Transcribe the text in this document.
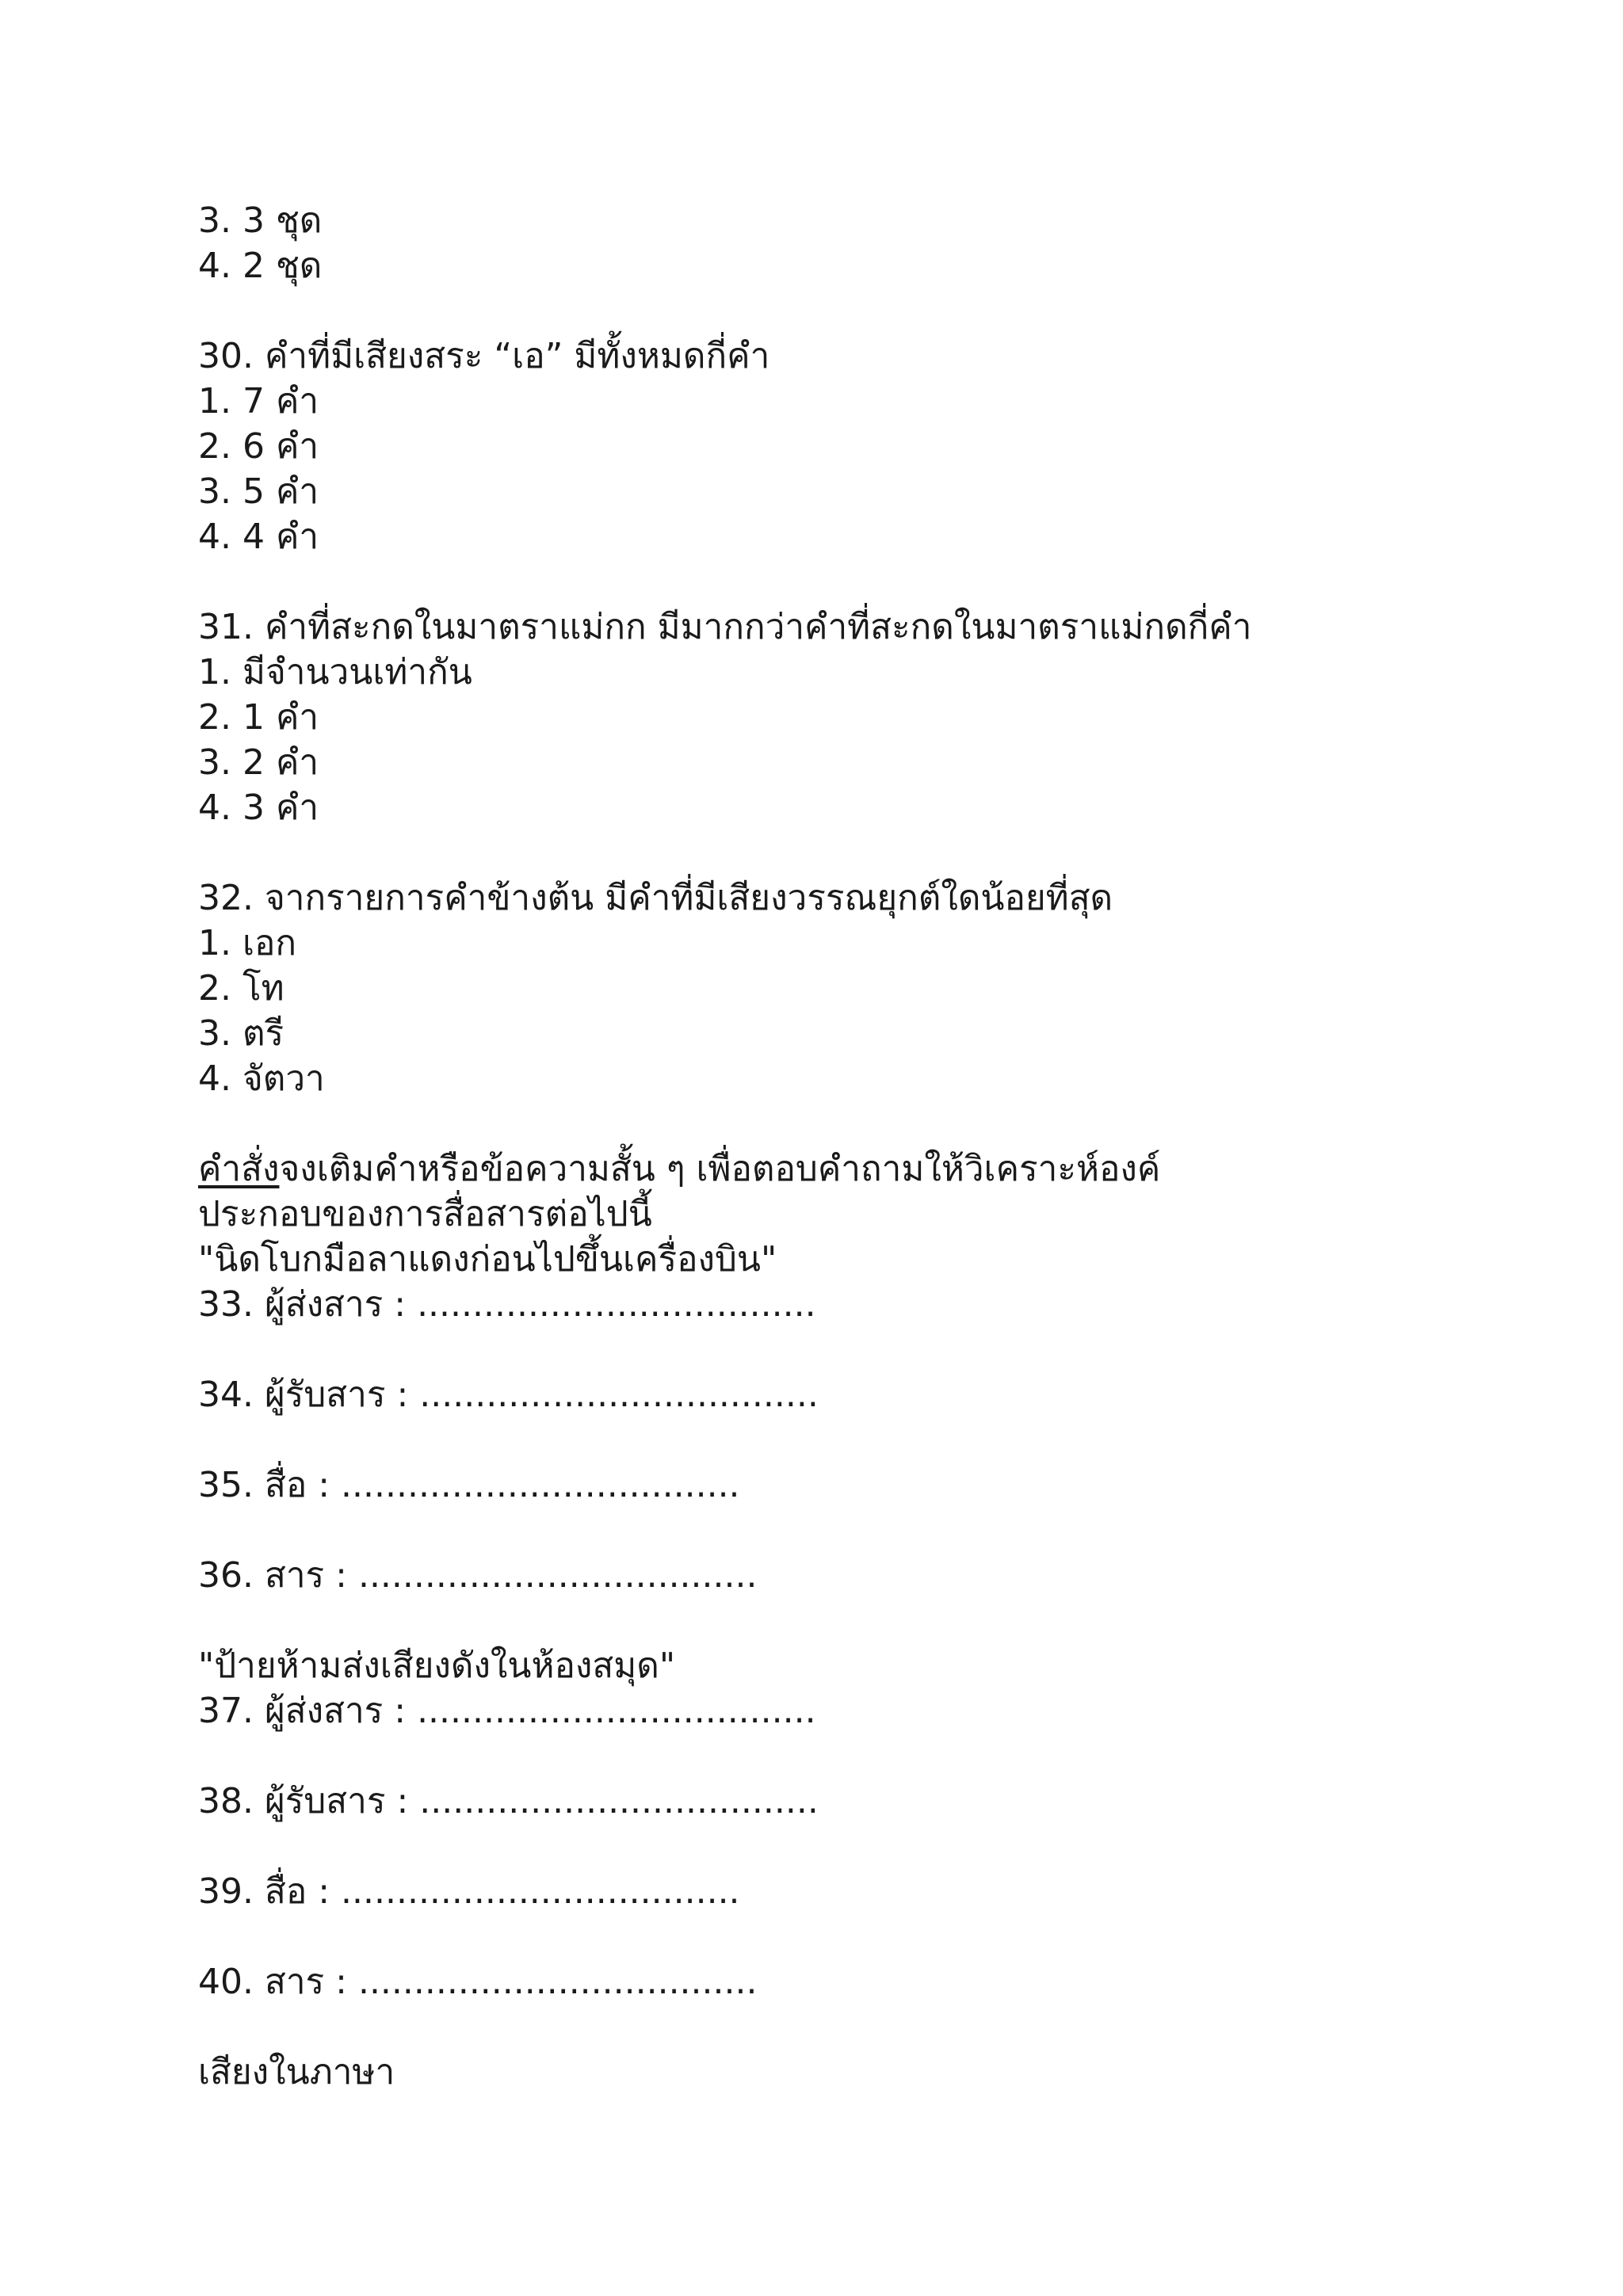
3. 3 ชุด
4. 2 ชุด
30. คำที่มีเสียงสระ “เอ” มีทั้งหมดกี่คำ
1. 7 คำ
2. 6 คำ
3. 5 คำ
4. 4 คำ
31. คำที่สะกดในมาตราแม่กก มีมากกว่าคำที่สะกดในมาตราแม่กดกี่คำ
1. มีจำนวนเท่ากัน
2. 1 คำ
3. 2 คำ
4. 3 คำ
32. จากรายการคำข้างต้น มีคำที่มีเสียงวรรณยุกต์ใดน้อยที่สุด
1. เอก
2. โท
3. ตรี
4. จัตวา
คำสั่งจงเติมคำหรือข้อความสั้น ๆ เพื่อตอบคำถามให้วิเคราะห์องค์
ประกอบของการสื่อสารต่อไปนี้
"นิดโบกมือลาแดงก่อนไปขึ้นเครื่องบิน"
33. ผู้ส่งสาร : ....................................
34. ผู้รับสาร : ....................................
35. สื่อ : ....................................
36. สาร : ....................................
"ป้ายห้ามส่งเสียงดังในห้องสมุด"
37. ผู้ส่งสาร : ....................................
38. ผู้รับสาร : ....................................
39. สื่อ : ....................................
40. สาร : ....................................
เสียงในภาษา
